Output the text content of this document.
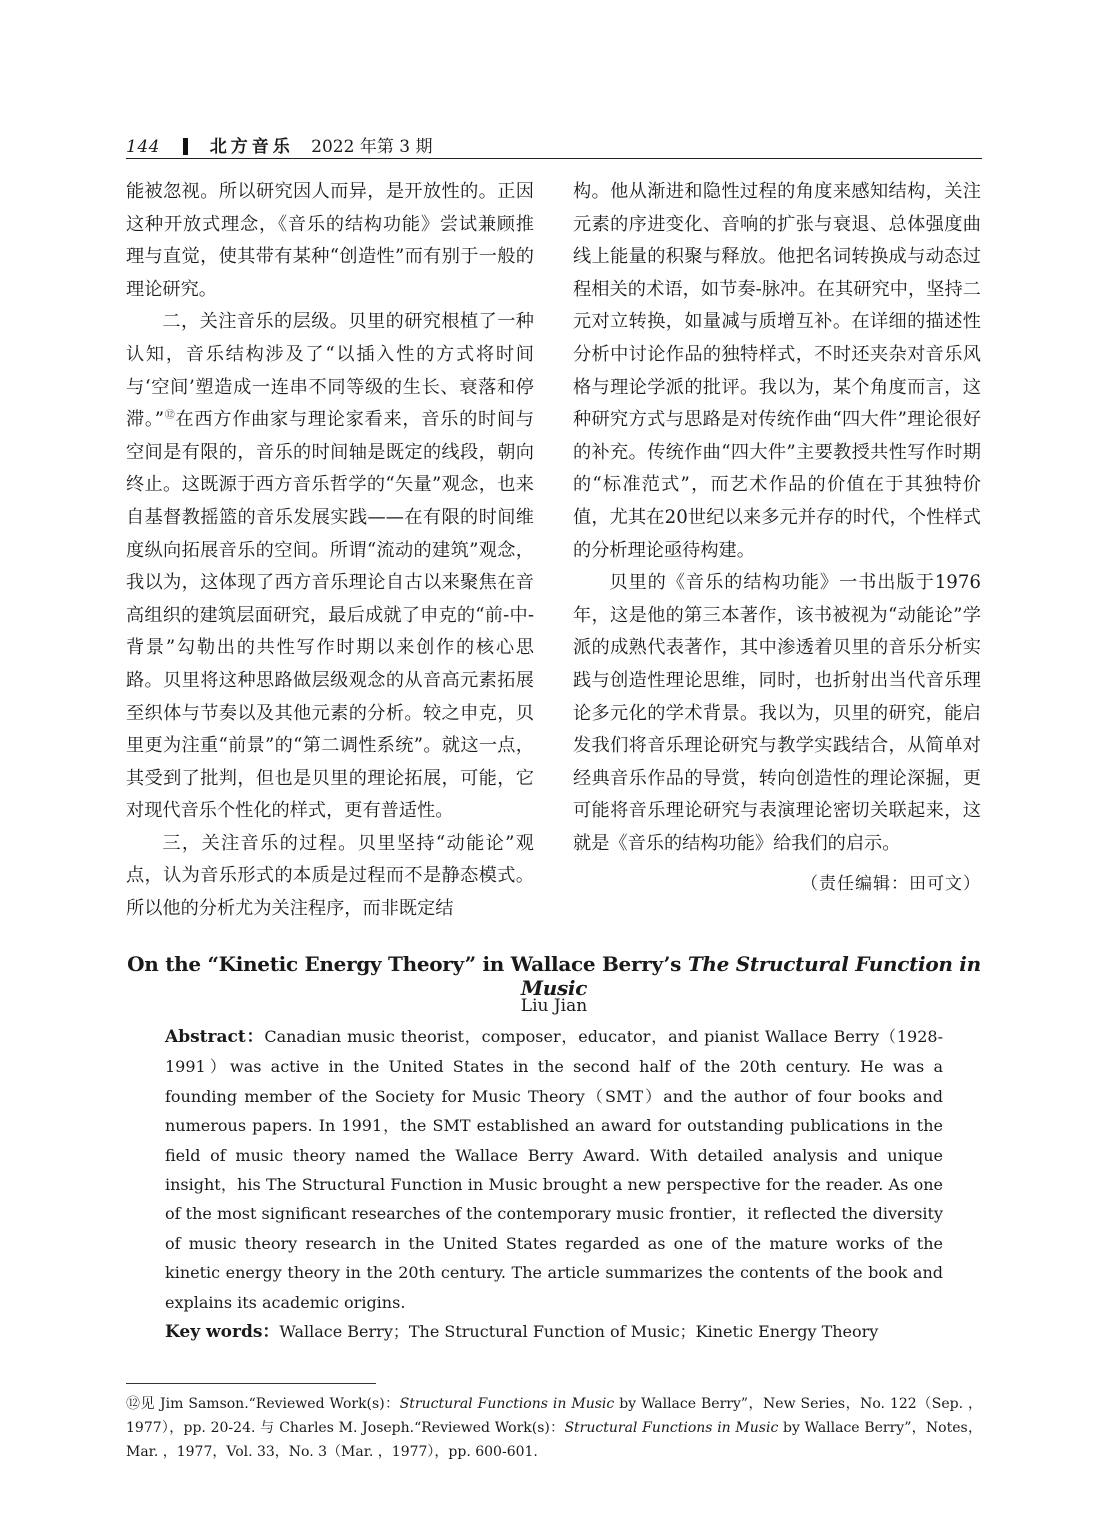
144	北方音乐 2022 年第 3 期

能被忽视。所以研究因人而异，是开放性的。正因这种开放式理念，《音乐的结构功能》尝试兼顾推理与直觉，使其带有某种“创造性”而有别于一般的理论研究。

二，关注音乐的层级。贝里的研究根植了一种认知，音乐结构涉及了“以插入性的方式将时间与‘空间’塑造成一连串不同等级的生长、衰落和停滞。”⑫在西方作曲家与理论家看来，音乐的时间与空间是有限的，音乐的时间轴是既定的线段，朝向终止。这既源于西方音乐哲学的“矢量”观念，也来自基督教摇篮的音乐发展实践——在有限的时间维度纵向拓展音乐的空间。所谓“流动的建筑”观念，我以为，这体现了西方音乐理论自古以来聚焦在音高组织的建筑层面研究，最后成就了申克的“前-中-背景”勾勒出的共性写作时期以来创作的核心思路。贝里将这种思路做层级观念的从音高元素拓展至织体与节奏以及其他元素的分析。较之申克，贝里更为注重“前景”的“第二调性系统”。就这一点，其受到了批判，但也是贝里的理论拓展，可能，它对现代音乐个性化的样式，更有普适性。

三，关注音乐的过程。贝里坚持“动能论”观点，认为音乐形式的本质是过程而不是静态模式。所以他的分析尤为关注程序，而非既定结

构。他从渐进和隐性过程的角度来感知结构，关注元素的序进变化、音响的扩张与衰退、总体强度曲线上能量的积聚与释放。他把名词转换成与动态过程相关的术语，如节奏-脉冲。在其研究中，坚持二元对立转换，如量减与质增互补。在详细的描述性分析中讨论作品的独特样式，不时还夹杂对音乐风格与理论学派的批评。我以为，某个角度而言，这种研究方式与思路是对传统作曲“四大件”理论很好的补充。传统作曲“四大件”主要教授共性写作时期的“标准范式”，而艺术作品的价值在于其独特价值，尤其在20世纪以来多元并存的时代，个性样式的分析理论亟待构建。

贝里的《音乐的结构功能》一书出版于1976年，这是他的第三本著作，该书被视为“动能论”学派的成熟代表著作，其中渗透着贝里的音乐分析实践与创造性理论思维，同时，也折射出当代音乐理论多元化的学术背景。我以为，贝里的研究，能启发我们将音乐理论研究与教学实践结合，从简单对经典音乐作品的导赏，转向创造性的理论深掘，更可能将音乐理论研究与表演理论密切关联起来，这就是《音乐的结构功能》给我们的启示。

（责任编辑：田可文）

On the “Kinetic Energy Theory” in Wallace Berry’s The Structural Function in Music
Liu Jian

Abstract：Canadian music theorist，composer，educator，and pianist Wallace Berry（1928-1991）was active in the United States in the second half of the 20th century. He was a founding member of the Society for Music Theory（SMT）and the author of four books and numerous papers. In 1991，the SMT established an award for outstanding publications in the field of music theory named the Wallace Berry Award. With detailed analysis and unique insight，his The Structural Function in Music brought a new perspective for the reader. As one of the most significant researches of the contemporary music frontier，it reflected the diversity of music theory research in the United States regarded as one of the mature works of the kinetic energy theory in the 20th century. The article summarizes the contents of the book and explains its academic origins.

Key words：Wallace Berry；The Structural Function of Music；Kinetic Energy Theory

⑫见 Jim Samson.“Reviewed Work(s)：Structural Functions in Music by Wallace Berry”，New Series，No. 122（Sep. ，1977），pp. 20-24. 与 Charles M. Joseph.“Reviewed Work(s)：Structural Functions in Music by Wallace Berry”，Notes，Mar. ，1977，Vol. 33，No. 3（Mar. ，1977），pp. 600-601.
